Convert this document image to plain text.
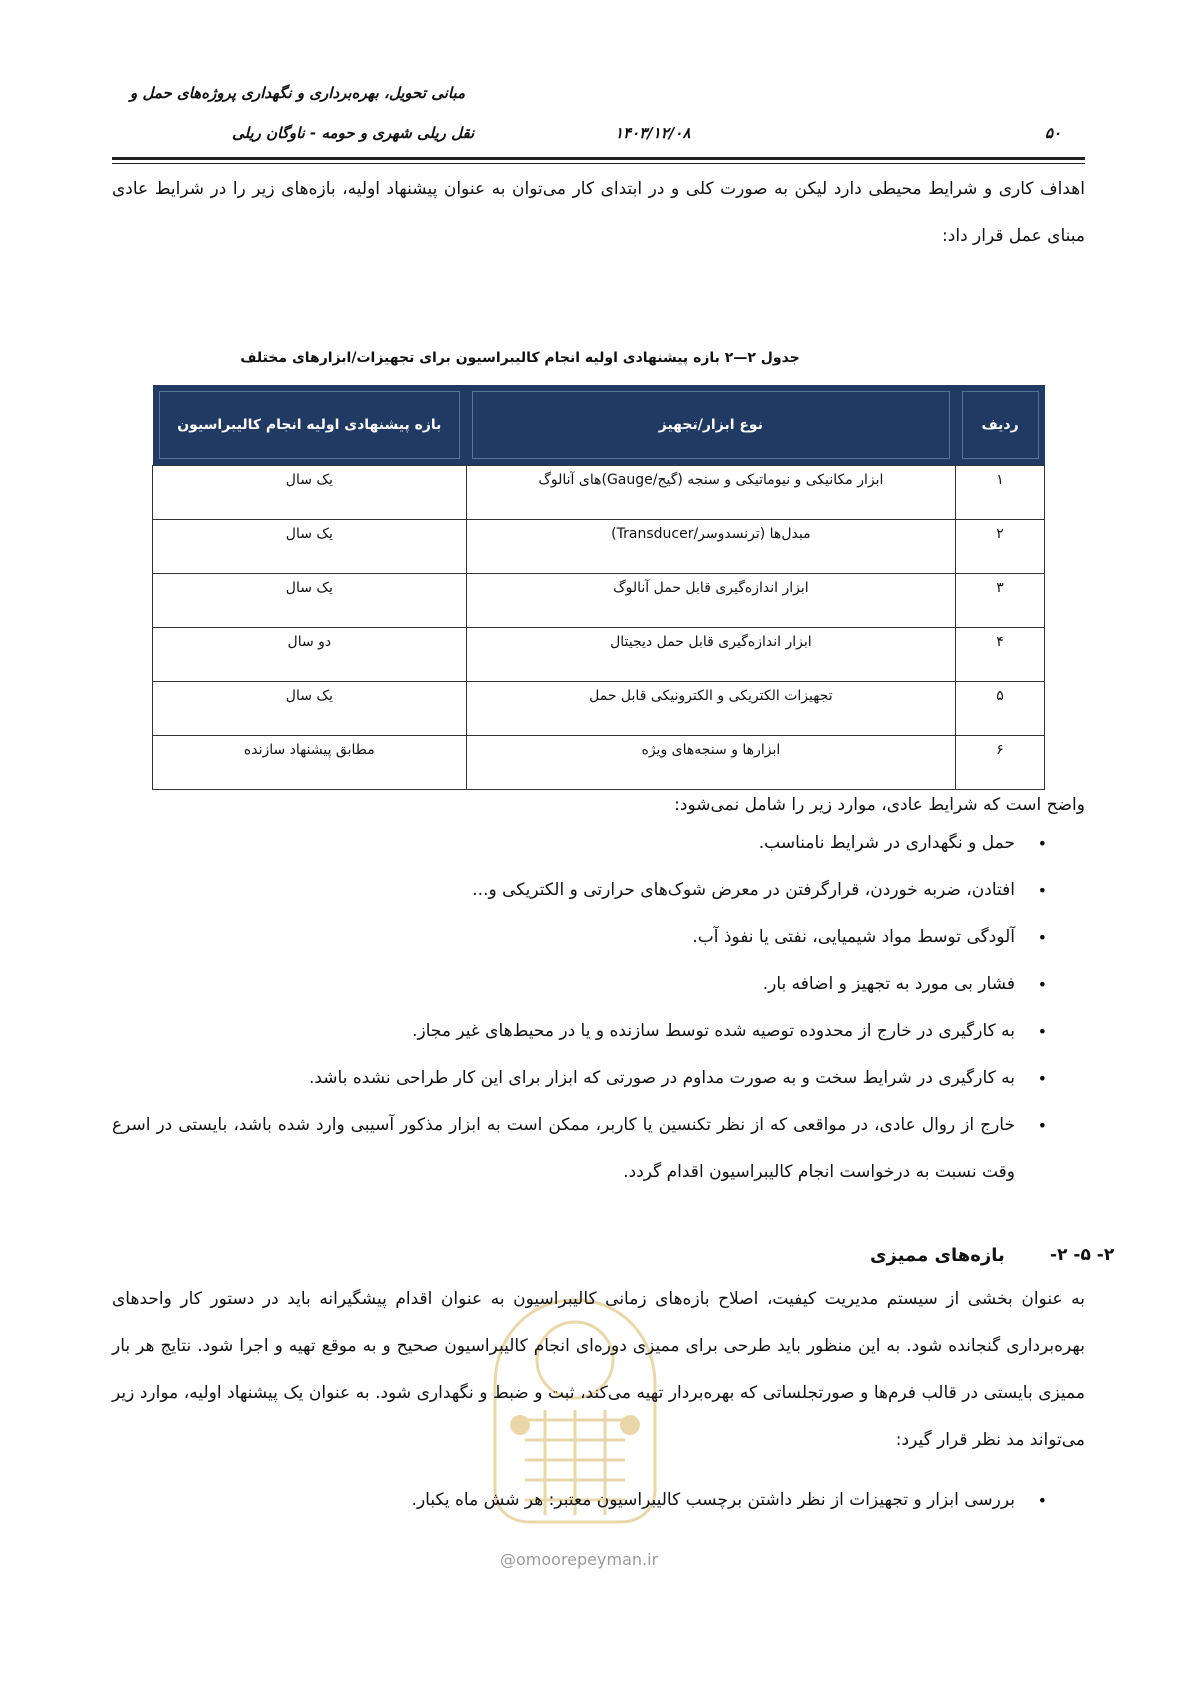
مبانی تحویل، بهره‌برداری و نگهداری پروژه‌های حمل و
نقل ریلی شهری و حومه - ناوگان ریلی	۱۴۰۳/۱۲/۰۸	۵۰
اهداف کاری و شرایط محیطی دارد لیکن به صورت کلی و در ابتدای کار می‌توان به عنوان پیشنهاد اولیه، بازه‌های زیر را در شرایط عادی مبنای عمل قرار داد:
جدول ۲—۲ بازه پیشنهادی اولیه انجام کالیبراسیون برای تجهیزات/ابزارهای مختلف
ردیف	نوع ابزار/تجهیز	بازه پیشنهادی اولیه انجام کالیبراسیون

۱	ابزار مکانیکی و نیوماتیکی و سنجه (گیج/Gauge)های آنالوگ	یک سال
۲	مبدل‌ها (ترنسدوسر/Transducer)	یک سال
۳	ابزار اندازه‌گیری قابل حمل آنالوگ	یک سال
۴	ابزار اندازه‌گیری قابل حمل دیجیتال	دو سال
۵	تجهیزات الکتریکی و الکترونیکی قابل حمل	یک سال
۶	ابزارها و سنجه‌های ویژه	مطابق پیشنهاد سازنده
واضح است که شرایط عادی، موارد زیر را شامل نمی‌شود:
•
حمل و نگهداری در شرایط نامناسب.
•
افتادن، ضربه خوردن، قرارگرفتن در معرض شوک‌های حرارتی و الکتریکی و...
•
آلودگی توسط مواد شیمیایی، نفتی یا نفوذ آب.
•
فشار بی مورد به تجهیز و اضافه بار.
•
به کارگیری در خارج از محدوده توصیه شده توسط سازنده و یا در محیط‌های غیر مجاز.
•
به کارگیری در شرایط سخت و به صورت مداوم در صورتی که ابزار برای این کار طراحی نشده باشد.
•
خارج از روال عادی، در مواقعی که از نظر تکنسین یا کاربر، ممکن است به ابزار مذکور آسیبی وارد شده باشد، بایستی در اسرع وقت نسبت به درخواست انجام کالیبراسیون اقدام گردد.
۲- ۵- ۲-
بازه‌های ممیزی
به عنوان بخشی از سیستم مدیریت کیفیت، اصلاح بازه‌های زمانی کالیبراسیون به عنوان اقدام پیشگیرانه باید در دستور کار واحدهای بهره‌برداری گنجانده شود. به این منظور باید طرحی برای ممیزی دوره‌ای انجام کالیبراسیون صحیح و به موقع تهیه و اجرا شود. نتایج هر بار ممیزی بایستی در قالب فرم‌ها و صورتجلساتی که بهره‌بردار تهیه می‌کند، ثبت و ضبط و نگهداری شود. به عنوان یک پیشنهاد اولیه، موارد زیر می‌تواند مد نظر قرار گیرد:
•
بررسی ابزار و تجهیزات از نظر داشتن برچسب کالیبراسیون معتبر: هر شش ماه یکبار.
@omoorepeyman.ir
